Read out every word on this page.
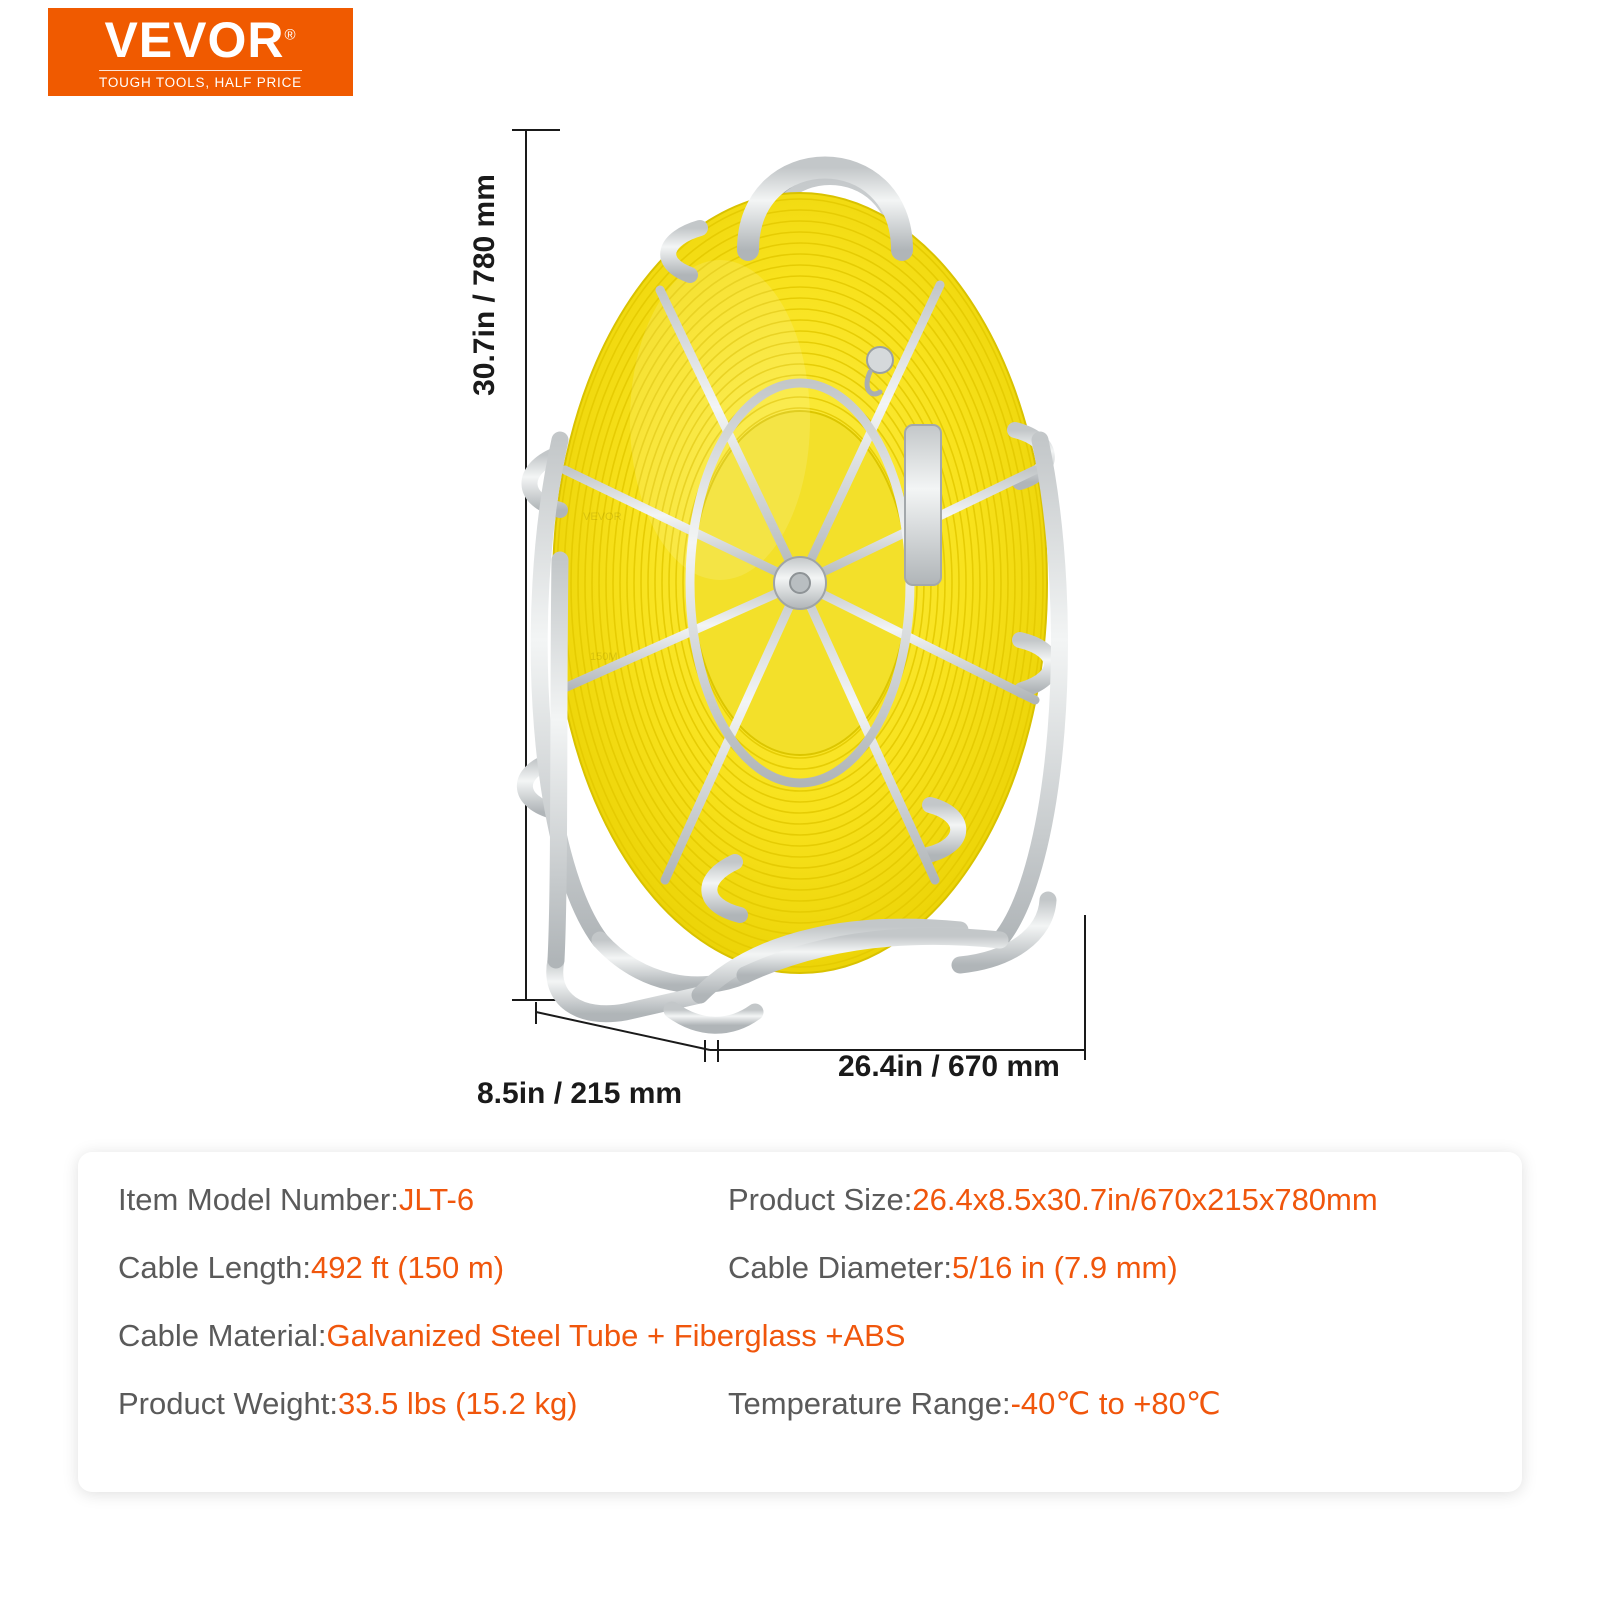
VEVOR®
TOUGH TOOLS, HALF PRICE
VEVOR
150M
30.7in / 780 mm
26.4in / 670 mm
8.5in / 215 mm
Item Model Number: JLT-6	Product Size: 26.4x8.5x30.7in/670x215x780mm
Cable Length: 492 ft (150 m)	Cable Diameter: 5/16 in (7.9 mm)
Cable Material: Galvanized Steel Tube + Fiberglass +ABS
Product Weight: 33.5 lbs (15.2 kg)	Temperature Range: -40℃ to +80℃
